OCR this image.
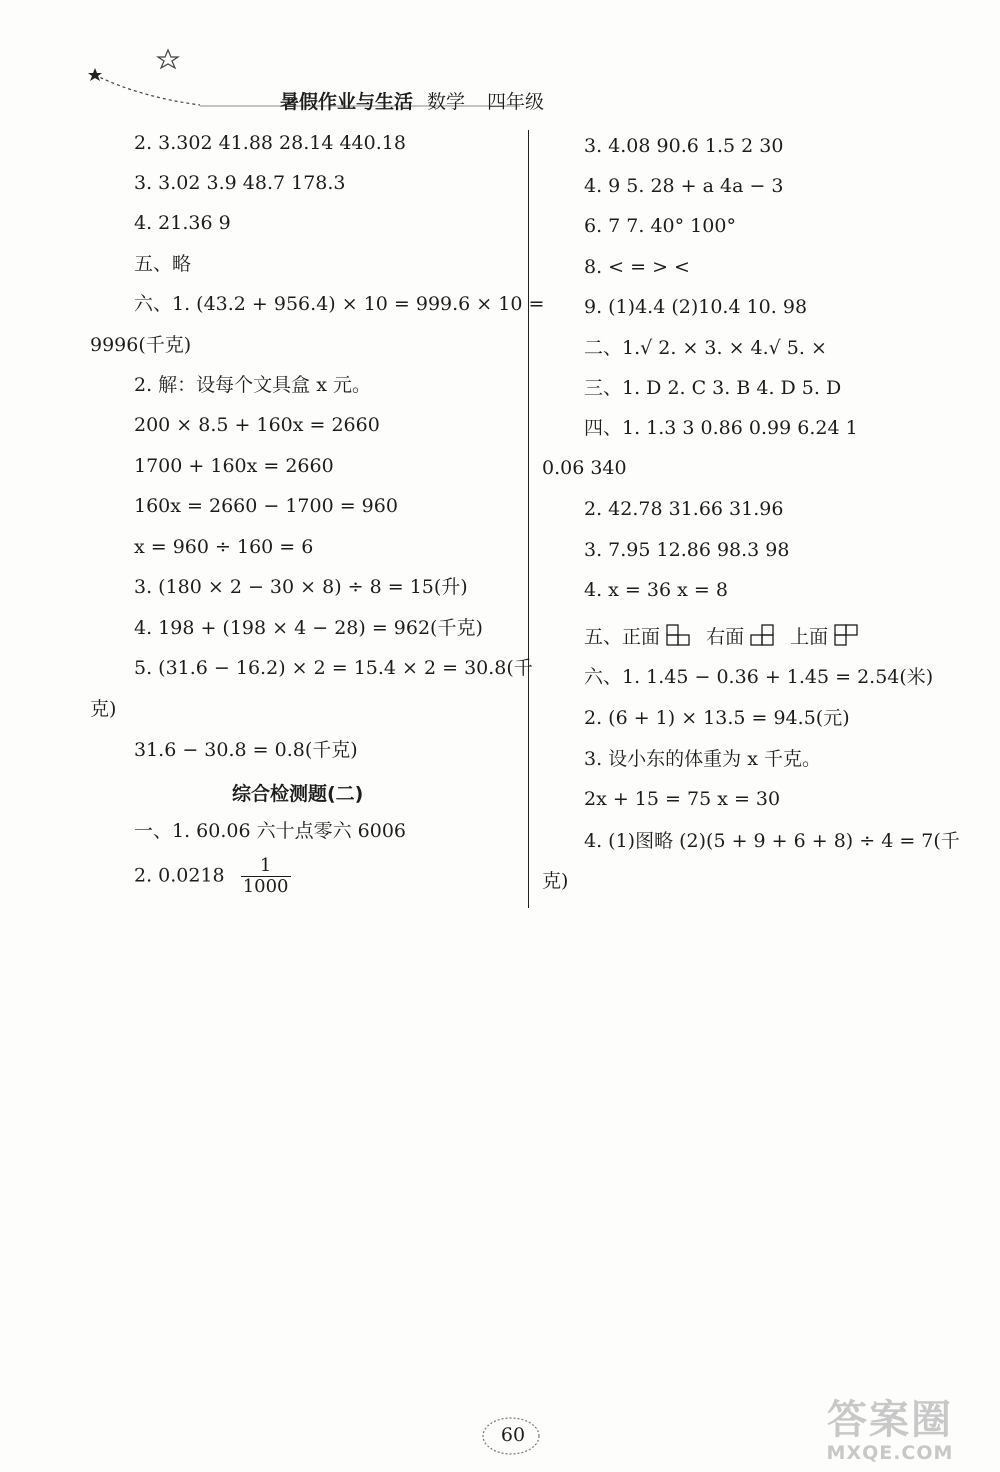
暑假作业与生活 数学 四年级
2. 3.302 41.88 28.14 440.18
3. 3.02 3.9 48.7 178.3
4. 21.36 9
五、略
六、1. (43.2 + 956.4) × 10 = 999.6 × 10 =
9996(千克)
2. 解：设每个文具盒 x 元。
200 × 8.5 + 160x = 2660
1700 + 160x = 2660
160x = 2660 − 1700 = 960
x = 960 ÷ 160 = 6
3. (180 × 2 − 30 × 8) ÷ 8 = 15(升)
4. 198 + (198 × 4 − 28) = 962(千克)
5. (31.6 − 16.2) × 2 = 15.4 × 2 = 30.8(千
克)
31.6 − 30.8 = 0.8(千克)
综合检测题(二)
一、1. 60.06 六十点零六 6006
2. $0.0218 \frac{1}{1000}$
3. 4.08 90.6 1.5 2 30
4. 9 5. 28 + a 4a − 3
6. 7 7. 40° 100°
8. < = > <
9. (1)4.4 (2)10.4 10. 98
二、1.√ 2. × 3. × 4.√ 5. ×
三、1. D 2. C 3. B 4. D 5. D
四、1. 1.3 3 0.86 0.99 6.24 1
0.06 340
2. 42.78 31.66 31.96
3. 7.95 12.86 98.3 98
4. x = 36 x = 8
五、正面 右面 上面
六、1. 1.45 − 0.36 + 1.45 = 2.54(米)
2. (6 + 1) × 13.5 = 94.5(元)
3. 设小东的体重为 x 千克。
2x + 15 = 75 x = 30
4. (1)图略 (2)(5 + 9 + 6 + 8) ÷ 4 = 7(千
克)
60	答案圈
MXQE.COM
